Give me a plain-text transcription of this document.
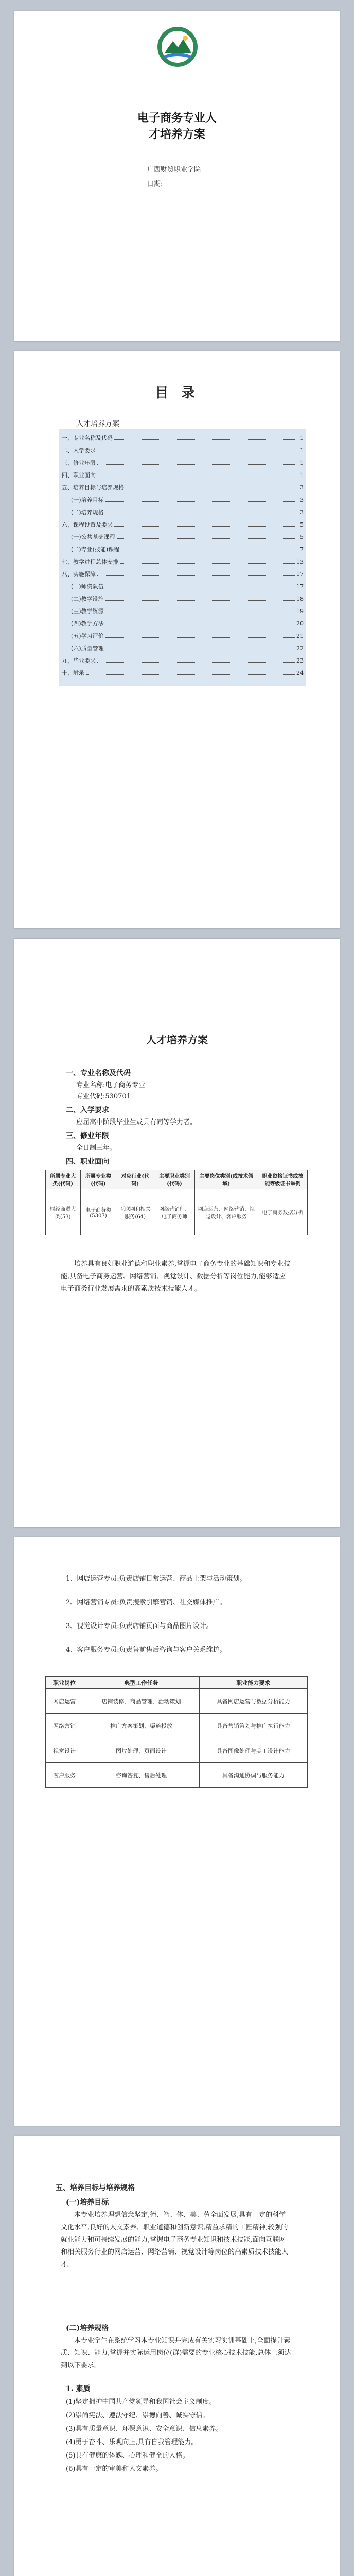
电子商务专业人
才培养方案
广西财贸职业学院
日期:
目 录
人才培养方案
一、专业名称及代码	1
二、入学要求	1
三、修业年限	1
四、职业面向	1
五、培养目标与培养规格	3
(一)培养目标	3
(二)培养规格	3
六、课程设置及要求	5
(一)公共基础课程	5
(二)专业(技能)课程	7
七、教学进程总体安排	13
八、实施保障	17
(一)师资队伍	17
(二)教学设施	18
(三)教学资源	19
(四)教学方法	20
(五)学习评价	21
(六)质量管理	22
九、毕业要求	23
十、附录	24
人才培养方案
一、专业名称及代码
专业名称:电子商务专业
专业代码:530701
二、入学要求
应届高中阶段毕业生或具有同等学力者。
三、修业年限
全日制三年。
四、职业面向
所属专业大类(代码)	所属专业类(代码)	对应行业(代码)	主要职业类别(代码)	主要岗位类别(或技术领域)	职业资格证书或技能等级证书举例
财经商贸大类(53)	电子商务类(5307)	互联网和相关服务(64)	网络营销师、电子商务师	网店运营、网络营销、视觉设计、客户服务	电子商务数据分析
培养具有良好职业道德和职业素养,掌握电子商务专业的基础知识和专业技能,具备电子商务运营、网络营销、视觉设计、数据分析等岗位能力,能够适应电子商务行业发展需求的高素质技术技能人才。
1、网店运营专员:负责店铺日常运营、商品上架与活动策划。
2、网络营销专员:负责搜索引擎营销、社交媒体推广。
3、视觉设计专员:负责店铺页面与商品图片设计。
4、客户服务专员:负责售前售后咨询与客户关系维护。
职业岗位	典型工作任务	职业能力要求
网店运营	店铺装修、商品管理、活动策划	具备网店运营与数据分析能力
网络营销	推广方案策划、渠道投放	具备营销策划与推广执行能力
视觉设计	图片处理、页面设计	具备图像处理与美工设计能力
客户服务	咨询答复、售后处理	具备沟通协调与服务能力
五、培养目标与培养规格
(一)培养目标
本专业培养理想信念坚定,德、智、体、美、劳全面发展,具有一定的科学文化水平,良好的人文素养、职业道德和创新意识,精益求精的工匠精神,较强的就业能力和可持续发展的能力,掌握电子商务专业知识和技术技能,面向互联网和相关服务行业的网店运营、网络营销、视觉设计等岗位的高素质技术技能人才。
(二)培养规格
本专业学生在系统学习本专业知识并完成有关实习实训基础上,全面提升素质、知识、能力,掌握并实际运用岗位(群)需要的专业核心技术技能,总体上须达到以下要求。
1. 素质
(1)坚定拥护中国共产党领导和我国社会主义制度。
(2)崇尚宪法、遵法守纪、崇德向善、诚实守信。
(3)具有质量意识、环保意识、安全意识、信息素养。
(4)勇于奋斗、乐观向上,具有自我管理能力。
(5)具有健康的体魄、心理和健全的人格。
(6)具有一定的审美和人文素养。
